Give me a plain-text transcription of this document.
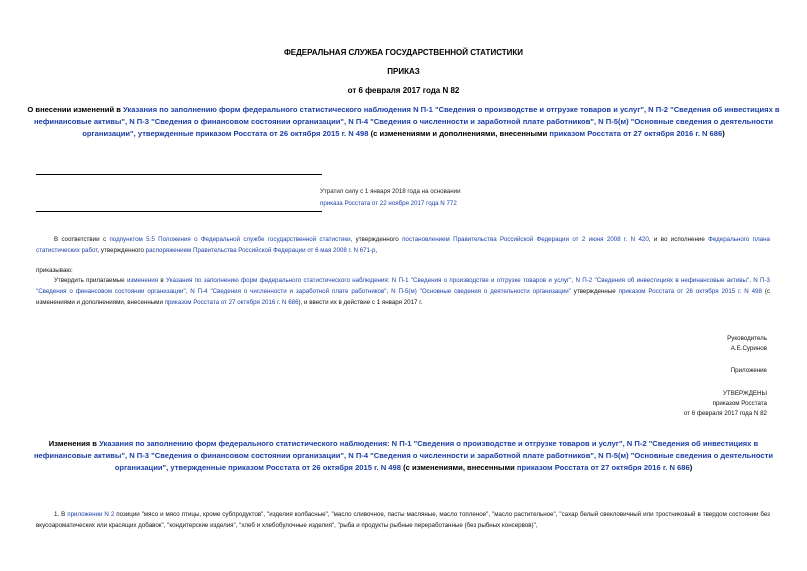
ФЕДЕРАЛЬНАЯ СЛУЖБА ГОСУДАРСТВЕННОЙ СТАТИСТИКИ
ПРИКАЗ
от 6 февраля 2017 года N 82
О внесении изменений в Указания по заполнению форм федерального статистического наблюдения N П-1 "Сведения о производстве и отгрузке товаров и услуг", N П-2 "Сведения об инвестициях в нефинансовые активы", N П-3 "Сведения о финансовом состоянии организации", N П-4 "Сведения о численности и заработной плате работников", N П-5(м) "Основные сведения о деятельности организации", утвержденные приказом Росстата от 26 октября 2015 г. N 498 (с изменениями и дополнениями, внесенными приказом Росстата от 27 октября 2016 г. N 686)
Утратил силу с 1 января 2018 года на основании
приказа Росстата от 22 ноября 2017 года N 772
В соответствии с подпунктом 5.5 Положения о Федеральной службе государственной статистики, утвержденного постановлением Правительства Российской Федерации от 2 июня 2008 г. N 420, и во исполнение Федерального плана статистических работ, утвержденного распоряжением Правительства Российской Федерации от 6 мая 2008 г. N 671-р,
приказываю:
Утвердить прилагаемые изменения в Указания по заполнению форм федерального статистического наблюдения: N П-1 "Сведения о производстве и отгрузке товаров и услуг", N П-2 "Сведения об инвестициях в нефинансовые активы", N П-3 "Сведения о финансовом состоянии организации", N П-4 "Сведения о численности и заработной плате работников", N П-5(м) "Основные сведения о деятельности организации" утвержденные приказом Росстата от 26 октября 2015 г. N 498 (с изменениями и дополнениями, внесенными приказом Росстата от 27 октября 2016 г. N 686), и ввести их в действие с 1 января 2017 г.
Руководитель
А.Е.Суринов
Приложение
УТВЕРЖДЕНЫ
приказом Росстата
от 6 февраля 2017 года N 82
Изменения в Указания по заполнению форм федерального статистического наблюдения: N П-1 "Сведения о производстве и отгрузке товаров и услуг", N П-2 "Сведения об инвестициях в нефинансовые активы", N П-3 "Сведения о финансовом состоянии организации", N П-4 "Сведения о численности и заработной плате работников", N П-5(м) "Основные сведения о деятельности организации", утвержденные приказом Росстата от 26 октября 2015 г. N 498 (с изменениями, внесенными приказом Росстата от 27 октября 2016 г. N 686)
1. В приложении N 2 позиции "мясо и мясо птицы, кроме субпродуктов", "изделия колбасные", "масло сливочное, пасты масляные, масло топленое", "масло растительное", "сахар белый свекловичный или тростниковый в твердом состоянии без вкусоароматических или красящих добавок", "кондитерские изделия", "хлеб и хлебобулочные изделия", "рыба и продукты рыбные переработанные (без рыбных консервов)",
